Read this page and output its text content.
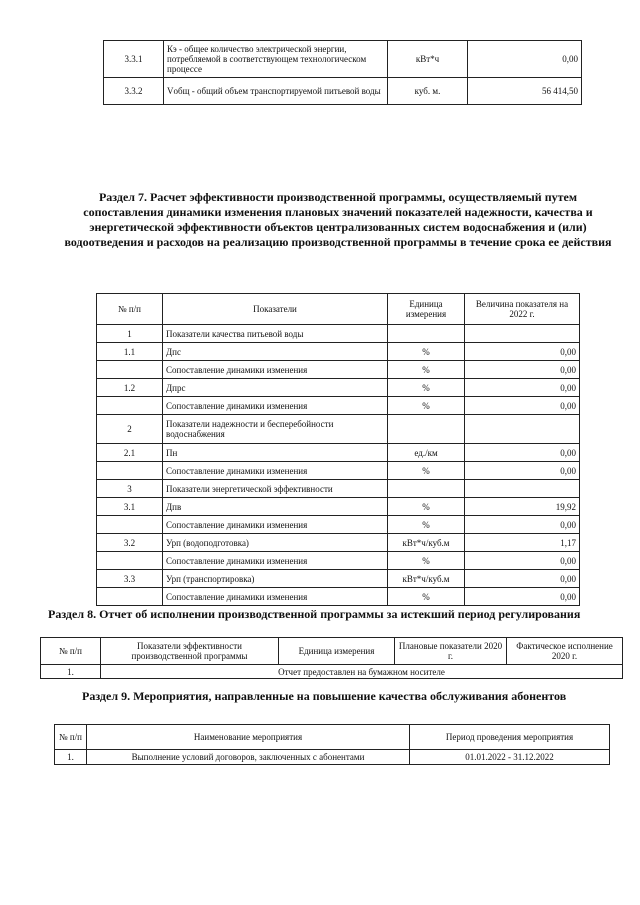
3.3.1	Кэ - общее количество электрической энергии, потребляемой в соответствующем технологическом процессе	кВт*ч	0,00
3.3.2	Vобщ - общий объем транспортируемой питьевой воды	куб. м.	56 414,50
Раздел 7. Расчет эффективности производственной программы, осуществляемый путем сопоставления динамики изменения плановых значений показателей надежности, качества и энергетической эффективности объектов централизованных систем водоснабжения и (или) водоотведения и расходов на реализацию производственной программы в течение срока ее действия
№ п/п	Показатели	Единица измерения	Величина показателя на 2022 г.
1	Показатели качества питьевой воды		
1.1	Дпс	%	0,00
	Сопоставление динамики изменения	%	0,00
1.2	Дпрс	%	0,00
	Сопоставление динамики изменения	%	0,00
2	Показатели надежности и бесперебойности водоснабжения		
2.1	Пн	ед./км	0,00
	Сопоставление динамики изменения	%	0,00
3	Показатели энергетической эффективности		
3.1	Дпв	%	19,92
	Сопоставление динамики изменения	%	0,00
3.2	Урп (водоподготовка)	кВт*ч/куб.м	1,17
	Сопоставление динамики изменения	%	0,00
3.3	Урп (транспортировка)	кВт*ч/куб.м	0,00
	Сопоставление динамики изменения	%	0,00
Раздел 8. Отчет об исполнении производственной программы за истекший период регулирования
№ п/п	Показатели эффективности производственной программы	Единица измерения	Плановые показатели 2020 г.	Фактическое исполнение 2020 г.
1.	Отчет предоставлен на бумажном носителе			
Раздел 9. Мероприятия, направленные на повышение качества обслуживания абонентов
№ п/п	Наименование мероприятия	Период проведения мероприятия
1.	Выполнение условий договоров, заключенных с абонентами	01.01.2022 - 31.12.2022
